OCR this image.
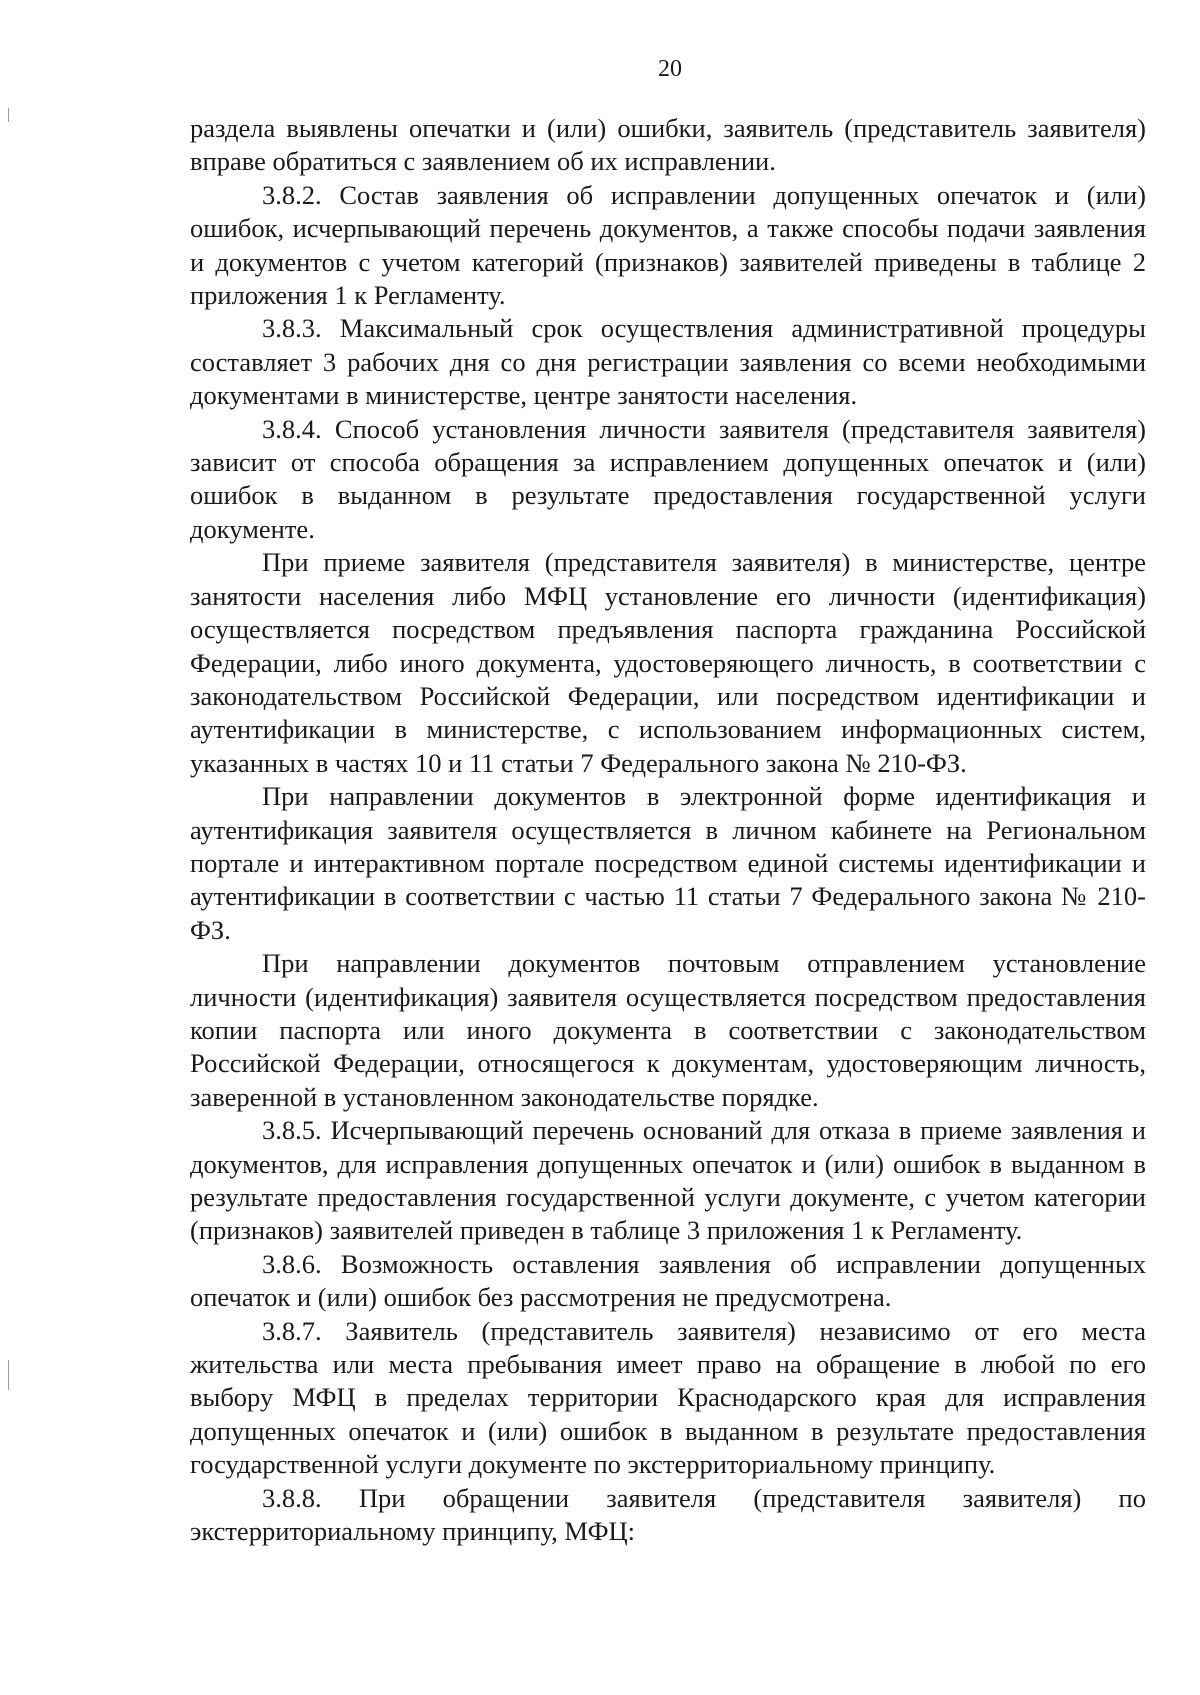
20

раздела выявлены опечатки и (или) ошибки, заявитель (представитель заявителя) вправе обратиться с заявлением об их исправлении.

3.8.2. Состав заявления об исправлении допущенных опечаток и (или) ошибок, исчерпывающий перечень документов, а также способы подачи заявления и документов с учетом категорий (признаков) заявителей приведены в таблице 2 приложения 1 к Регламенту.

3.8.3. Максимальный срок осуществления административной процедуры составляет 3 рабочих дня со дня регистрации заявления со всеми необходимыми документами в министерстве, центре занятости населения.

3.8.4. Способ установления личности заявителя (представителя заявителя) зависит от способа обращения за исправлением допущенных опечаток и (или) ошибок в выданном в результате предоставления государственной услуги документе.

При приеме заявителя (представителя заявителя) в министерстве, центре занятости населения либо МФЦ установление его личности (идентификация) осуществляется посредством предъявления паспорта гражданина Российской Федерации, либо иного документа, удостоверяющего личность, в соответствии с законодательством Российской Федерации, или посредством идентификации и аутентификации в министерстве, с использованием информационных систем, указанных в частях 10 и 11 статьи 7 Федерального закона № 210-ФЗ.

При направлении документов в электронной форме идентификация и аутентификация заявителя осуществляется в личном кабинете на Региональном портале и интерактивном портале посредством единой системы идентификации и аутентификации в соответствии с частью 11 статьи 7 Федерального закона № 210-ФЗ.

При направлении документов почтовым отправлением установление личности (идентификация) заявителя осуществляется посредством предоставления копии паспорта или иного документа в соответствии с законодательством Российской Федерации, относящегося к документам, удостоверяющим личность, заверенной в установленном законодательстве порядке.

3.8.5. Исчерпывающий перечень оснований для отказа в приеме заявления и документов, для исправления допущенных опечаток и (или) ошибок в выданном в результате предоставления государственной услуги документе, с учетом категории (признаков) заявителей приведен в таблице 3 приложения 1 к Регламенту.

3.8.6. Возможность оставления заявления об исправлении допущенных опечаток и (или) ошибок без рассмотрения не предусмотрена.

3.8.7. Заявитель (представитель заявителя) независимо от его места жительства или места пребывания имеет право на обращение в любой по его выбору МФЦ в пределах территории Краснодарского края для исправления допущенных опечаток и (или) ошибок в выданном в результате предоставления государственной услуги документе по экстерриториальному принципу.

3.8.8. При обращении заявителя (представителя заявителя) по экстерриториальному принципу, МФЦ:
